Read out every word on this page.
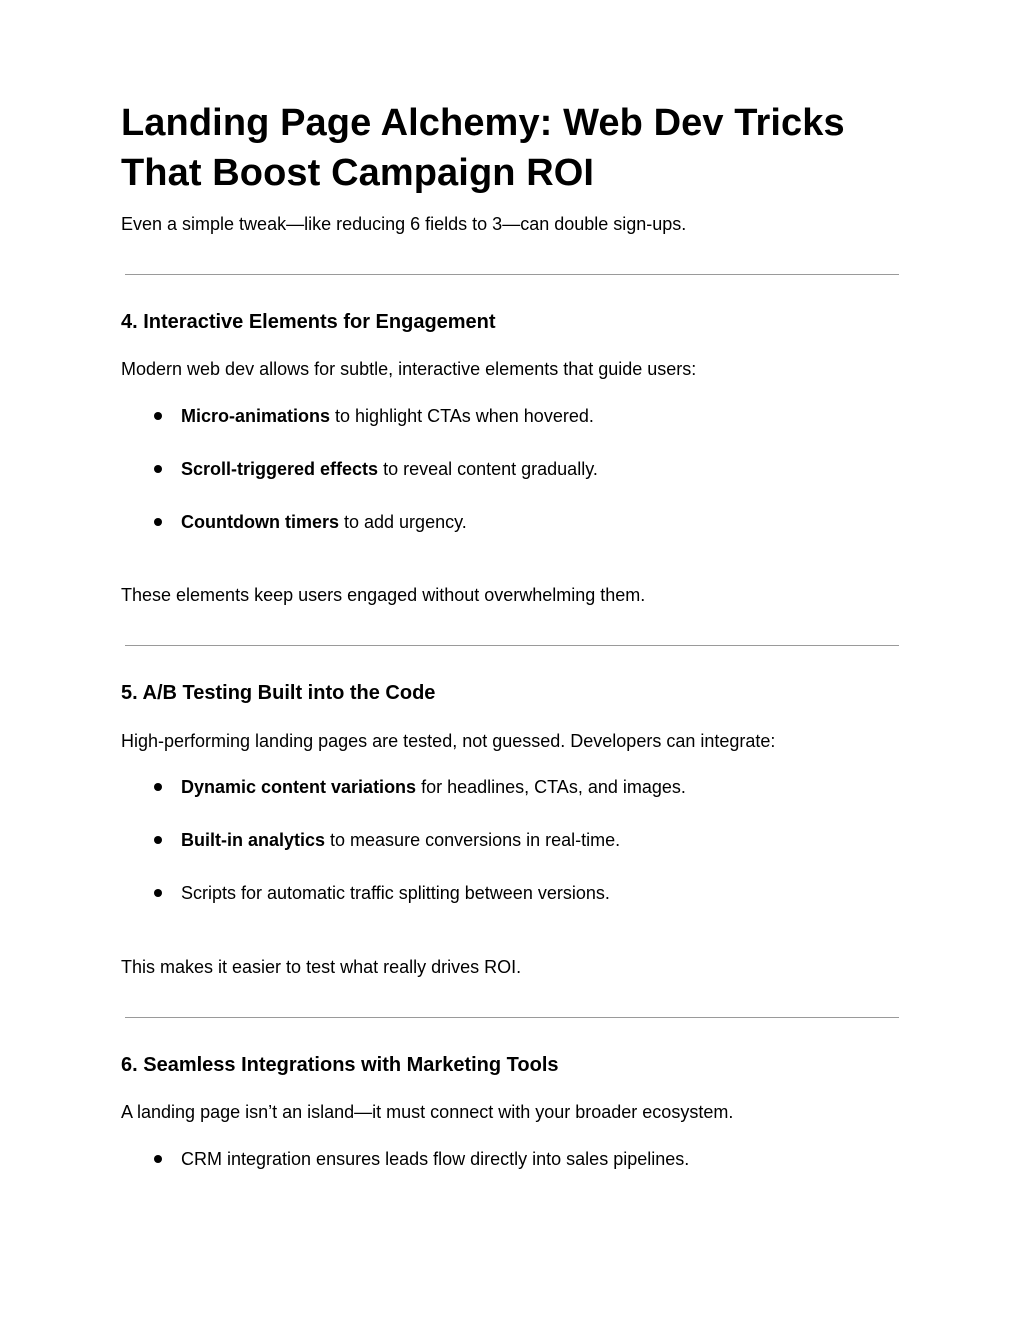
Landing Page Alchemy: Web Dev Tricks That Boost Campaign ROI

Even a simple tweak—like reducing 6 fields to 3—can double sign-ups.

4. Interactive Elements for Engagement

Modern web dev allows for subtle, interactive elements that guide users:

Micro-animations to highlight CTAs when hovered.
Scroll-triggered effects to reveal content gradually.
Countdown timers to add urgency.

These elements keep users engaged without overwhelming them.

5. A/B Testing Built into the Code

High-performing landing pages are tested, not guessed. Developers can integrate:

Dynamic content variations for headlines, CTAs, and images.
Built-in analytics to measure conversions in real-time.
Scripts for automatic traffic splitting between versions.

This makes it easier to test what really drives ROI.

6. Seamless Integrations with Marketing Tools

A landing page isn’t an island—it must connect with your broader ecosystem.

CRM integration ensures leads flow directly into sales pipelines.
